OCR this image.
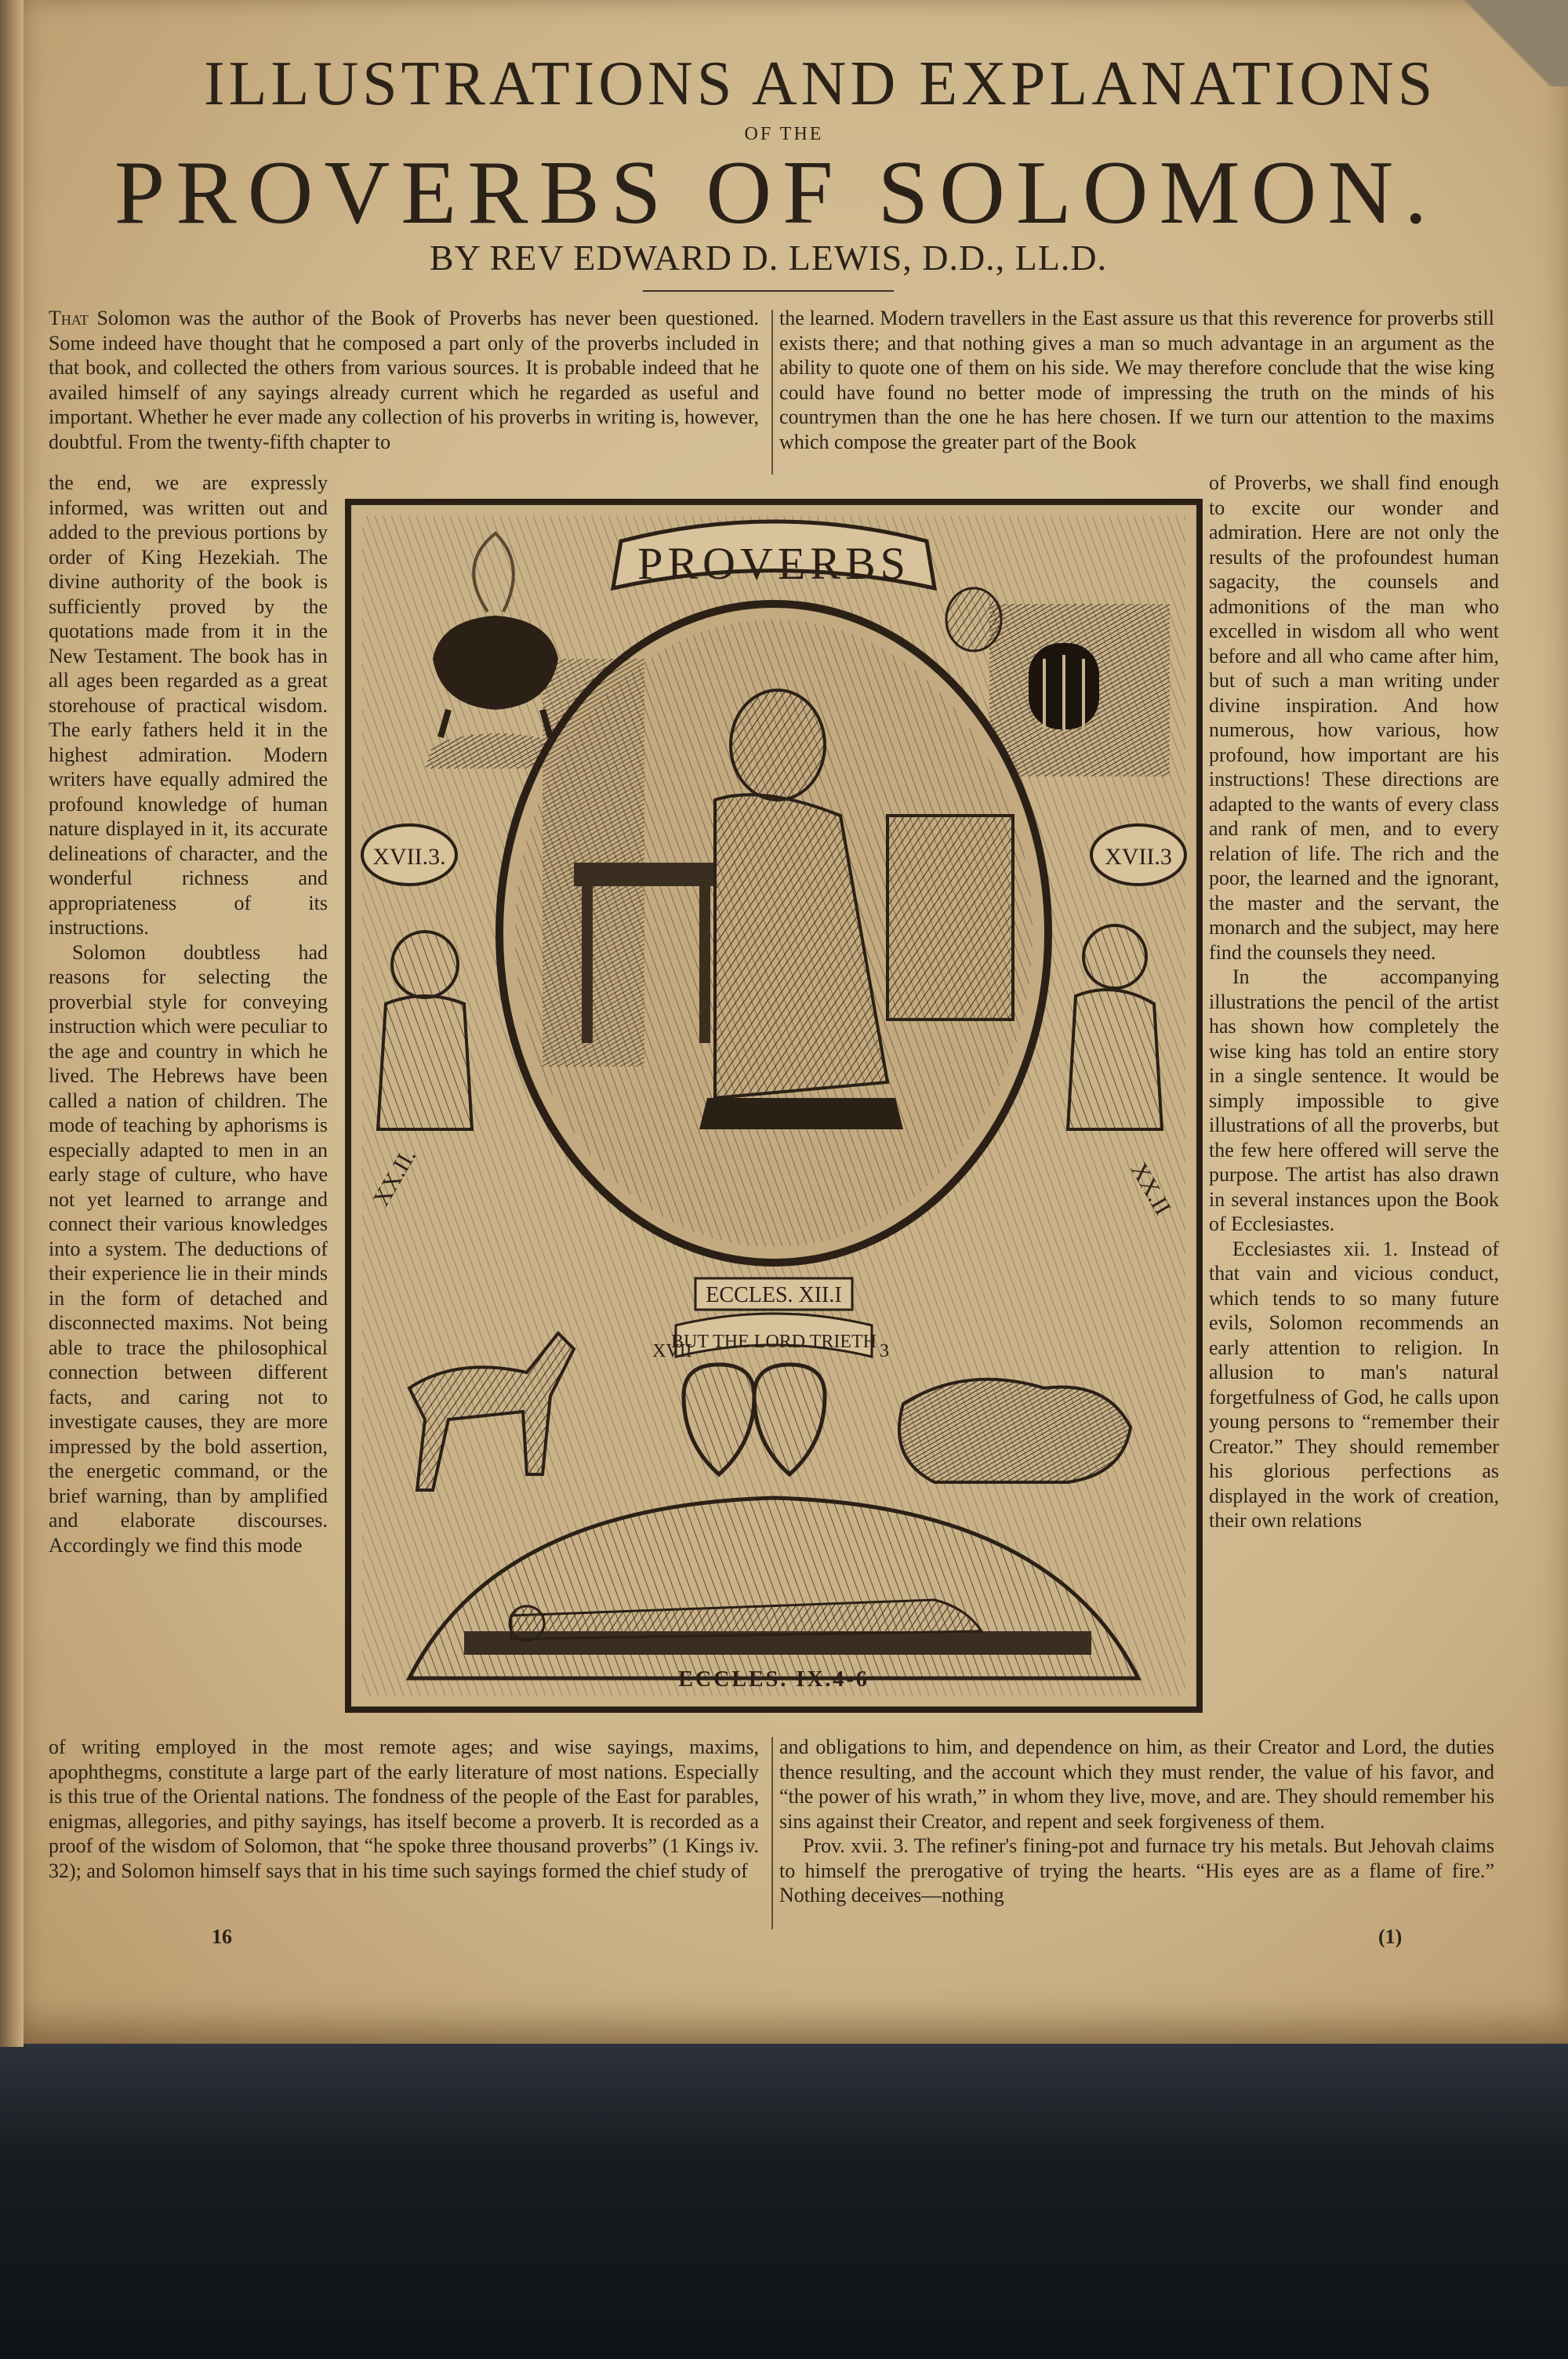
ILLUSTRATIONS AND EXPLANATIONS
OF THE
PROVERBS OF SOLOMON.
BY REV EDWARD D. LEWIS, D.D., LL.D.

That Solomon was the author of the Book of Proverbs has never been questioned. Some indeed have thought that he composed a part only of the proverbs included in that book, and collected the others from various sources. It is probable indeed that he availed himself of any sayings already current which he regarded as useful and important. Whether he ever made any collection of his proverbs in writing is, however, doubtful. From the twenty-fifth chapter to

the learned. Modern travellers in the East assure us that this reverence for proverbs still exists there; and that nothing gives a man so much advantage in an argument as the ability to quote one of them on his side. We may therefore conclude that the wise king could have found no better mode of impressing the truth on the minds of his countrymen than the one he has here chosen. If we turn our attention to the maxims which compose the greater part of the Book

the end, we are expressly informed, was written out and added to the previous portions by order of King Hezekiah. The divine authority of the book is sufficiently proved by the quotations made from it in the New Testament. The book has in all ages been regarded as a great storehouse of practical wisdom. The early fathers held it in the highest admiration. Modern writers have equally admired the profound knowledge of human nature displayed in it, its accurate delineations of character, and the wonderful richness and appropriateness of its instructions.

Solomon doubtless had reasons for selecting the proverbial style for conveying instruction which were peculiar to the age and country in which he lived. The Hebrews have been called a nation of children. The mode of teaching by aphorisms is especially adapted to men in an early stage of culture, who have not yet learned to arrange and connect their various knowledges into a system. The deductions of their experience lie in their minds in the form of detached and disconnected maxims. Not being able to trace the philosophical connection between different facts, and caring not to investigate causes, they are more impressed by the bold assertion, the energetic command, or the brief warning, than by amplified and elaborate discourses. Accordingly we find this mode

of Proverbs, we shall find enough to excite our wonder and admiration. Here are not only the results of the profoundest human sagacity, the counsels and admonitions of the man who excelled in wisdom all who went before and all who came after him, but of such a man writing under divine inspiration. And how numerous, how various, how profound, how important are his instructions! These directions are adapted to the wants of every class and rank of men, and to every relation of life. The rich and the poor, the learned and the ignorant, the master and the servant, the monarch and the subject, may here find the counsels they need.

In the accompanying illustrations the pencil of the artist has shown how completely the wise king has told an entire story in a single sentence. It would be simply impossible to give illustrations of all the proverbs, but the few here offered will serve the purpose. The artist has also drawn in several instances upon the Book of Ecclesiastes.

Ecclesiastes xii. 1. Instead of that vain and vicious conduct, which tends to so many future evils, Solomon recommends an early attention to religion. In allusion to man's natural forgetfulness of God, he calls upon young persons to “remember their Creator.” They should remember his glorious perfections as displayed in the work of creation, their own relations

of writing employed in the most remote ages; and wise sayings, maxims, apophthegms, constitute a large part of the early literature of most nations. Especially is this true of the Oriental nations. The fondness of the people of the East for parables, enigmas, allegories, and pithy sayings, has itself become a proverb. It is recorded as a proof of the wisdom of Solomon, that “he spoke three thousand proverbs” (1 Kings iv. 32); and Solomon himself says that in his time such sayings formed the chief study of

and obligations to him, and dependence on him, as their Creator and Lord, the duties thence resulting, and the account which they must render, the value of his favor, and “the power of his wrath,” in whom they live, move, and are. They should remember his sins against their Creator, and repent and seek forgiveness of them.

Prov. xvii. 3. The refiner's fining-pot and furnace try his metals. But Jehovah claims to himself the prerogative of trying the hearts. “His eyes are as a flame of fire.” Nothing deceives—nothing

16	(1)
PROVERBS
XVII.3.	XVII.3
XX.II.	XX.II
ECCLES. XII.I
BUT THE LORD TRIETH
XVII	3
ECCLES. IX.4-6
